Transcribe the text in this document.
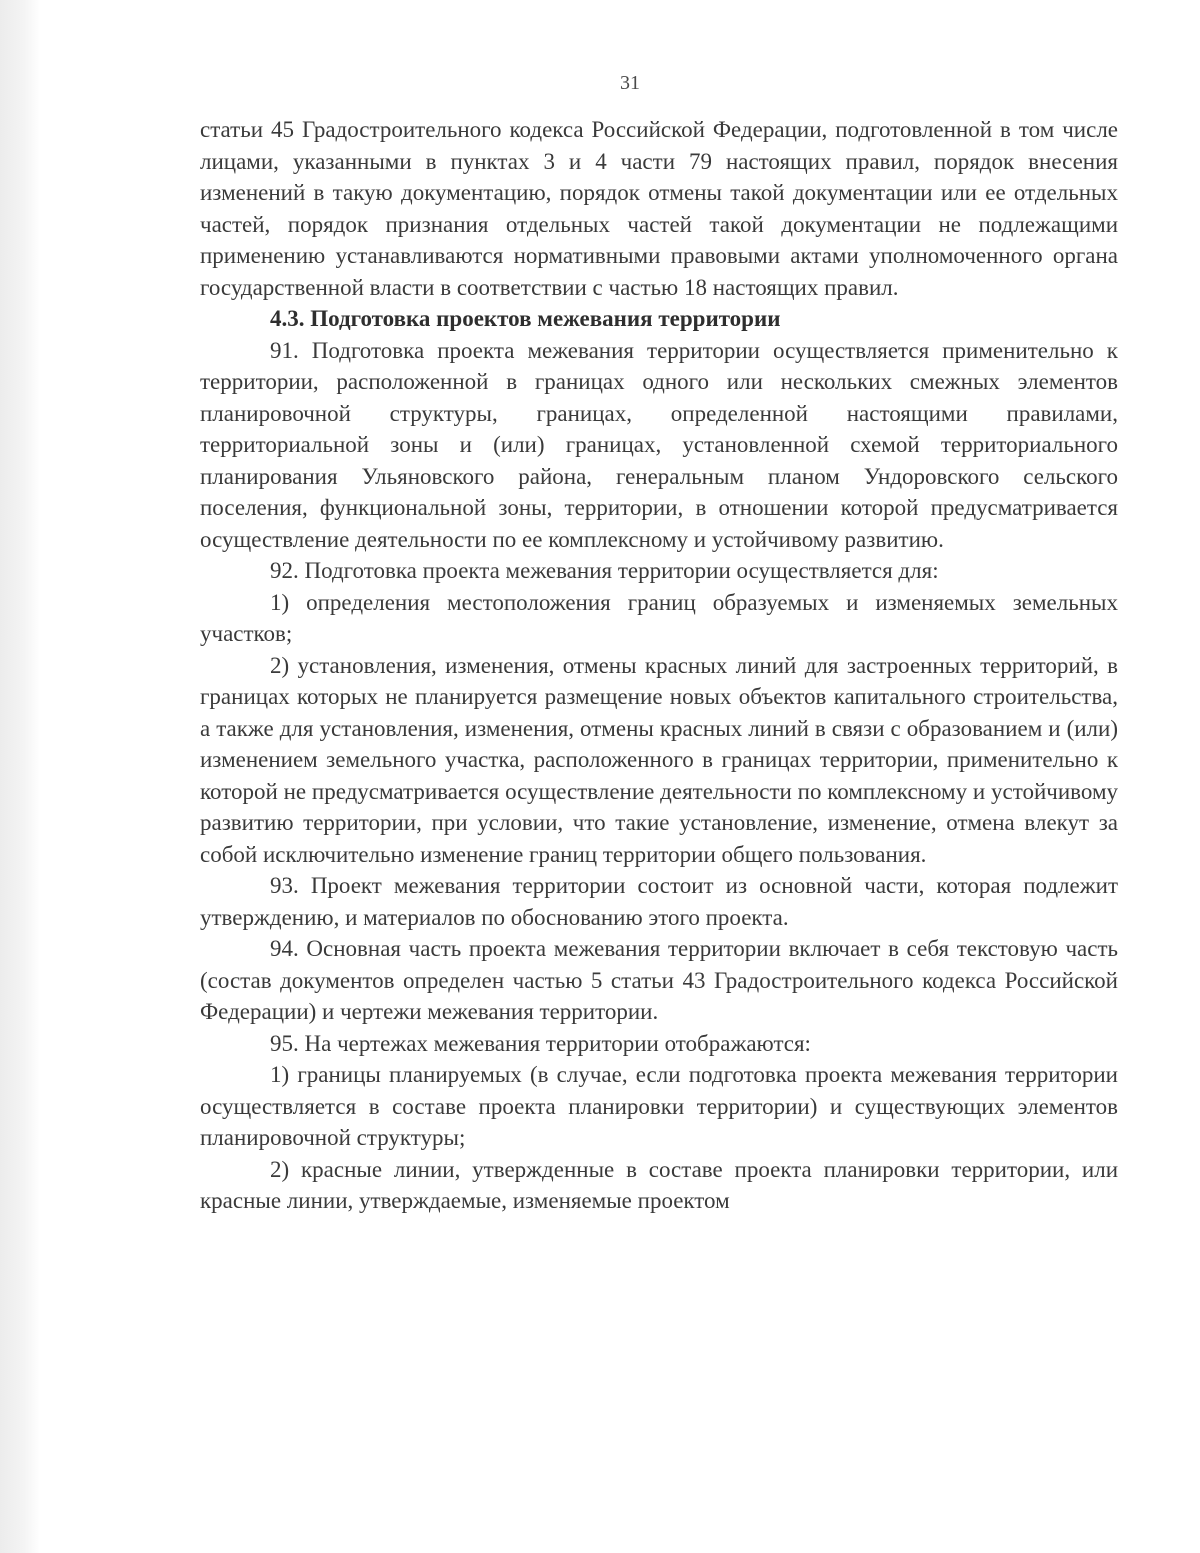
31

статьи 45 Градостроительного кодекса Российской Федерации, подготовленной в том числе лицами, указанными в пунктах 3 и 4 части 79 настоящих правил, порядок внесения изменений в такую документацию, порядок отмены такой документации или ее отдельных частей, порядок признания отдельных частей такой документации не подлежащими применению устанавливаются нормативными правовыми актами уполномоченного органа государственной власти в соответствии с частью 18 настоящих правил.

4.3. Подготовка проектов межевания территории

91. Подготовка проекта межевания территории осуществляется применительно к территории, расположенной в границах одного или нескольких смежных элементов планировочной структуры, границах, определенной настоящими правилами, территориальной зоны и (или) границах, установленной схемой территориального планирования Ульяновского района, генеральным планом Ундоровского сельского поселения, функциональной зоны, территории, в отношении которой предусматривается осуществление деятельности по ее комплексному и устойчивому развитию.

92. Подготовка проекта межевания территории осуществляется для:

1) определения местоположения границ образуемых и изменяемых земельных участков;

2) установления, изменения, отмены красных линий для застроенных территорий, в границах которых не планируется размещение новых объектов капитального строительства, а также для установления, изменения, отмены красных линий в связи с образованием и (или) изменением земельного участка, расположенного в границах территории, применительно к которой не предусматривается осуществление деятельности по комплексному и устойчивому развитию территории, при условии, что такие установление, изменение, отмена влекут за собой исключительно изменение границ территории общего пользования.

93. Проект межевания территории состоит из основной части, которая подлежит утверждению, и материалов по обоснованию этого проекта.

94. Основная часть проекта межевания территории включает в себя текстовую часть (состав документов определен частью 5 статьи 43 Градостроительного кодекса Российской Федерации) и чертежи межевания территории.

95. На чертежах межевания территории отображаются:

1) границы планируемых (в случае, если подготовка проекта межевания территории осуществляется в составе проекта планировки территории) и существующих элементов планировочной структуры;

2) красные линии, утвержденные в составе проекта планировки территории, или красные линии, утверждаемые, изменяемые проектом
